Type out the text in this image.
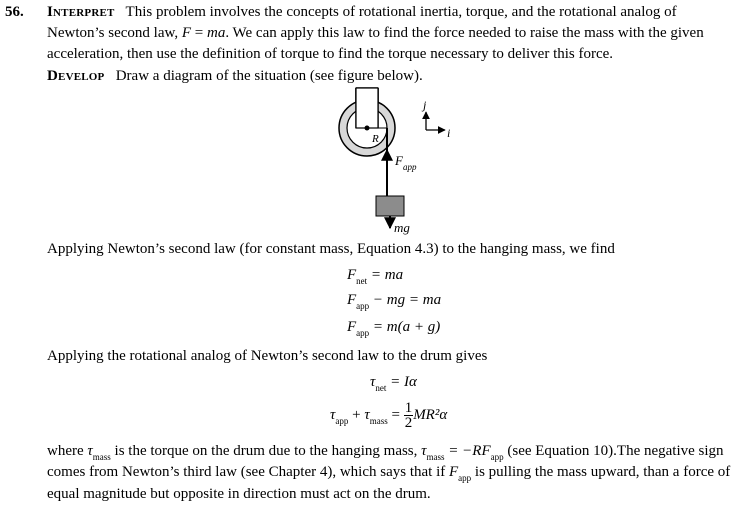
56. Interpret This problem involves the concepts of rotational inertia, torque, and the rotational analog of
Newton’s second law, F = ma. We can apply this law to find the force needed to raise the mass with the given
acceleration, then use the definition of torque to find the torque necessary to deliver this force.
Develop Draw a diagram of the situation (see figure below).
R
$F_{app}$
mg
j
i
Applying Newton’s second law (for constant mass, Equation 4.3) to the hanging mass, we find
$F_{net}$ = ma
$F_{app}$ − mg = ma
$F_{app} = m(a + g)$
Applying the rotational analog of Newton’s second law to the drum gives
$\tau_{net} = I\alpha$
$\tau_{app} + \tau_{mass} = \frac{1}{2} MR^2\alpha$
where $\tau_{mass}$ is the torque on the drum due to the hanging mass, $\tau_{mass} = -RF_{app}$ (see Equation 10).The negative sign
comes from Newton’s third law (see Chapter 4), which says that if $F_{app}$ is pulling the mass upward, than a force of
equal magnitude but opposite in direction must act on the drum.
